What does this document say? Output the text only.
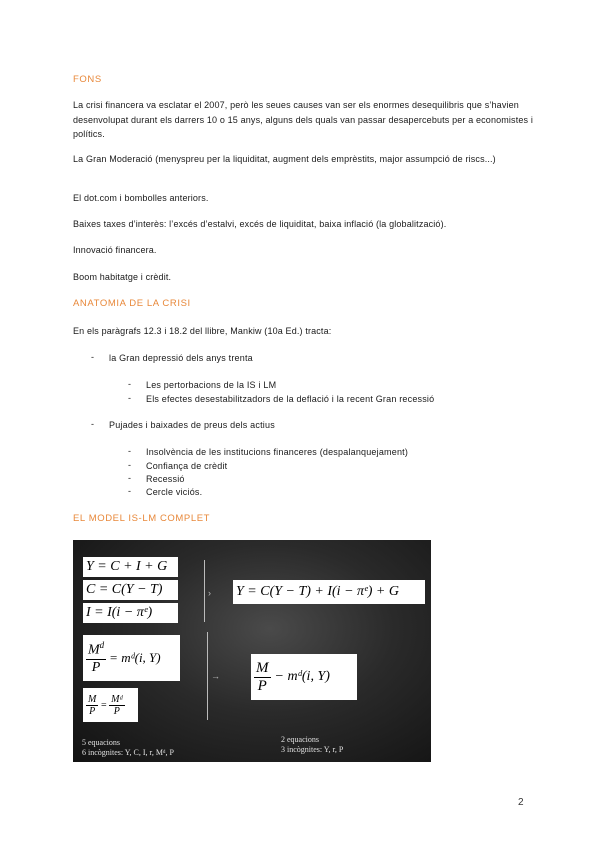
FONS
La crisi financera va esclatar el 2007, però les seues causes van ser els enormes desequilibris que s’havien desenvolupat durant els darrers 10 o 15 anys, alguns dels quals van passar desapercebuts per a economistes i polítics.
La Gran Moderació (menyspreu per la liquiditat, augment dels emprèstits, major assumpció de riscs...)
El dot.com i bombolles anteriors.
Baixes taxes d’interès: l’excés d’estalvi, excés de liquiditat, baixa inflació (la globalització).
Innovació financera.
Boom habitatge i crèdit.
ANATOMIA DE LA CRISI
En els paràgrafs 12.3 i 18.2 del llibre, Mankiw (10a Ed.) tracta:
- la Gran depressió dels anys trenta
- Les pertorbacions de la IS i LM
- Els efectes desestabilitzadors de la deflació i la recent Gran recessió
- Pujades i baixades de preus dels actius
- Insolvència de les institucions financeres (despalanquejament)
- Confiança de crèdit
- Recessió
- Cercle viciós.
EL MODEL IS-LM COMPLET
Y = C + I + G
C = C(Y − T)
I = I(i − πᵉ)
› Y = C(Y − T) + I(i − πᵉ) + G
$\frac{M^d}{P}$ = mᵈ(i, Y)
$\frac{M}{P} = \frac{\text{Mᵈ}}{P}$
→ $\frac{M}{P}$ − mᵈ(i, Y)
5 equacions
6 incògnites: Y, C, I, r, Mᵈ, P
2 equacions
3 incògnites: Y, r, P
2
